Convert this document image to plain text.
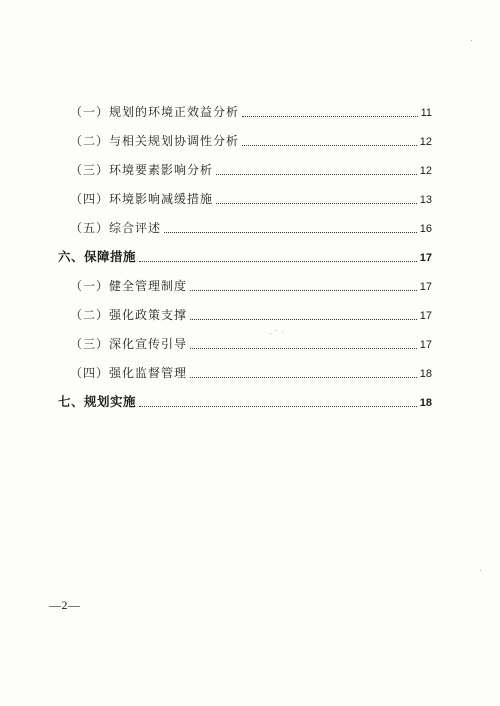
（一）规划的环境正效益分析	11
（二）与相关规划协调性分析	12
（三）环境要素影响分析	12
（四）环境影响减缓措施	13
（五）综合评述	16
六、保障措施	17
（一）健全管理制度	17
（二）强化政策支撑	17
（三）深化宣传引导	17
（四）强化监督管理	18
七、规划实施	18
—2—
